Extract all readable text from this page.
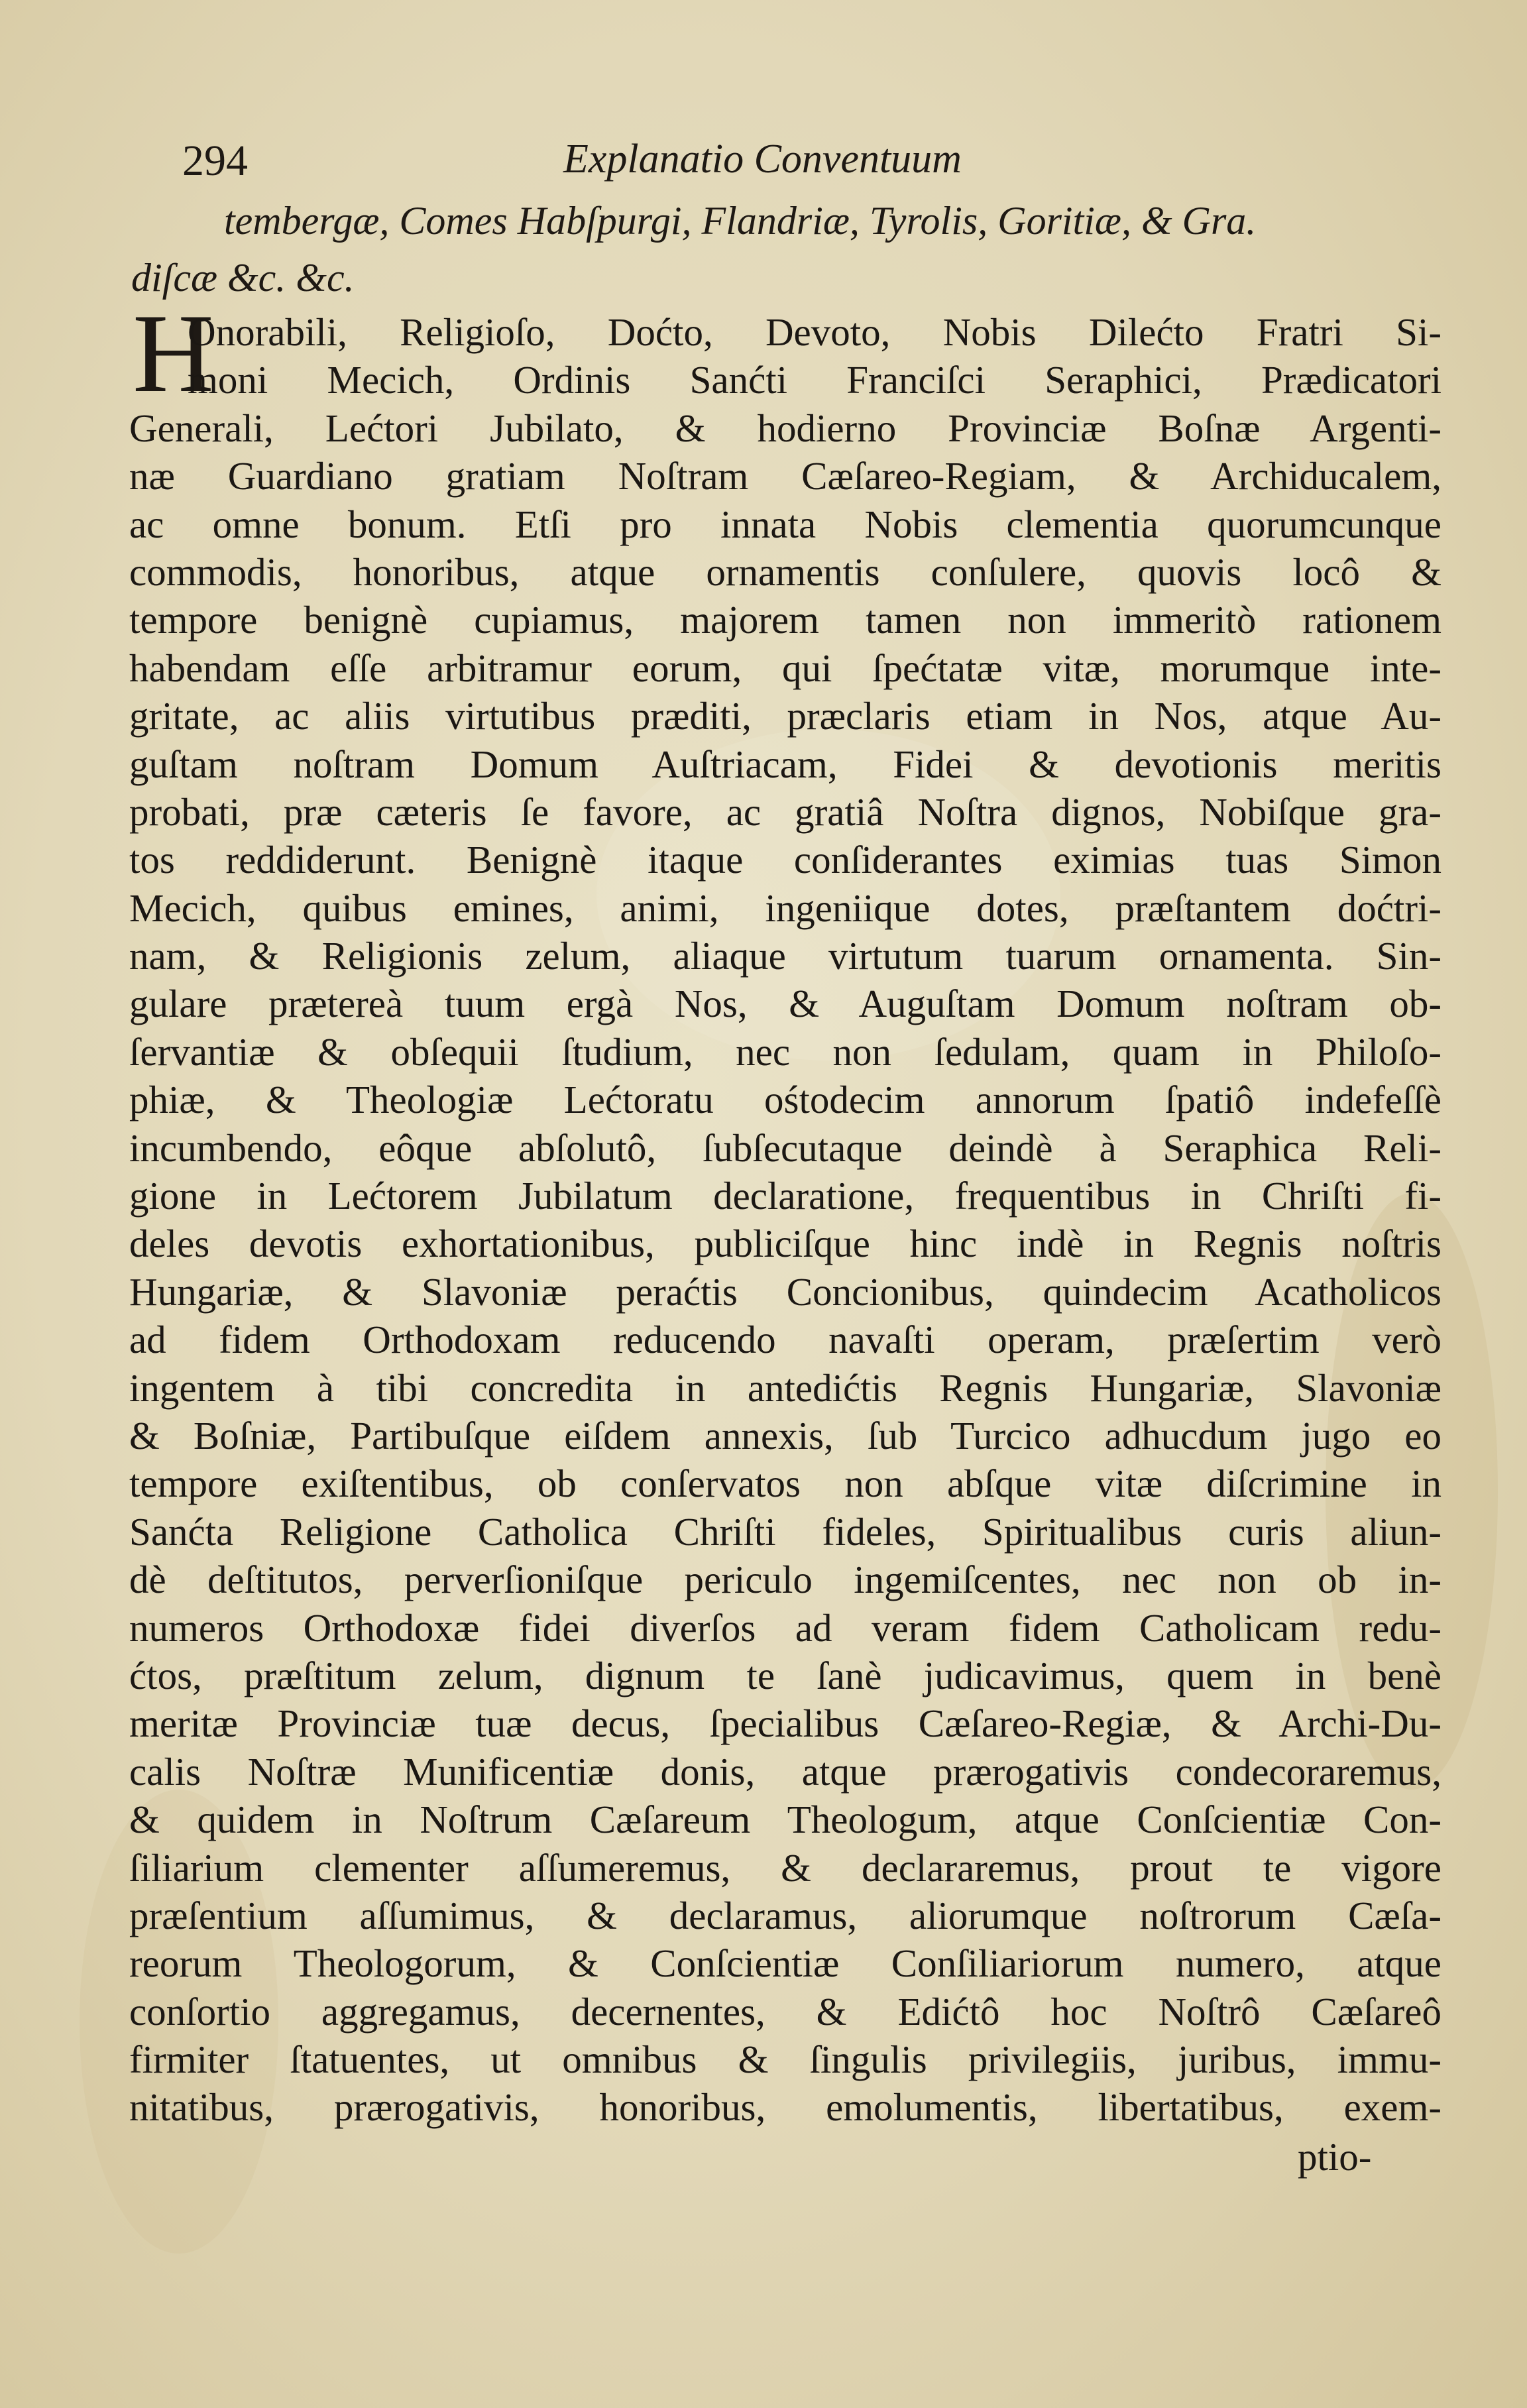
294	Explanatio Conventuum
tembergæ, Comes Habſpurgi, Flandriæ, Tyrolis, Goritiæ, & Gra.
diſcæ &c. &c.
H
Onorabili, Religioſo, Doćto, Devoto, Nobis Dilećto Fratri Si-
moni Mecich, Ordinis Sanćti Franciſci Seraphici, Prædicatori
Generali, Lećtori Jubilato, & hodierno Provinciæ Boſnæ Argenti-
næ Guardiano gratiam Noſtram Cæſareo-Regiam, & Archiducalem,
ac omne bonum. Etſi pro innata Nobis clementia quorumcunque
commodis, honoribus, atque ornamentis conſulere, quovis locô &
tempore benignè cupiamus, majorem tamen non immeritò rationem
habendam eſſe arbitramur eorum, qui ſpećtatæ vitæ, morumque inte-
gritate, ac aliis virtutibus præditi, præclaris etiam in Nos, atque Au-
guſtam noſtram Domum Auſtriacam, Fidei & devotionis meritis
probati, præ cæteris ſe favore, ac gratiâ Noſtra dignos, Nobiſque gra-
tos reddiderunt. Benignè itaque conſiderantes eximias tuas Simon
Mecich, quibus emines, animi, ingeniique dotes, præſtantem doćtri-
nam, & Religionis zelum, aliaque virtutum tuarum ornamenta. Sin-
gulare prætereà tuum ergà Nos, & Auguſtam Domum noſtram ob-
ſervantiæ & obſequii ſtudium, nec non ſedulam, quam in Philoſo-
phiæ, & Theologiæ Lećtoratu ośtodecim annorum ſpatiô indefeſſè
incumbendo, eôque abſolutô, ſubſecutaque deindè à Seraphica Reli-
gione in Lećtorem Jubilatum declaratione, frequentibus in Chriſti fi-
deles devotis exhortationibus, publiciſque hinc indè in Regnis noſtris
Hungariæ, & Slavoniæ peraćtis Concionibus, quindecim Acatholicos
ad fidem Orthodoxam reducendo navaſti operam, præſertim verò
ingentem à tibi concredita in antedićtis Regnis Hungariæ, Slavoniæ
& Boſniæ, Partibuſque eiſdem annexis, ſub Turcico adhucdum jugo eo
tempore exiſtentibus, ob conſervatos non abſque vitæ diſcrimine in
Sanćta Religione Catholica Chriſti fideles, Spiritualibus curis aliun-
dè deſtitutos, perverſioniſque periculo ingemiſcentes, nec non ob in-
numeros Orthodoxæ fidei diverſos ad veram fidem Catholicam redu-
ćtos, præſtitum zelum, dignum te ſanè judicavimus, quem in benè
meritæ Provinciæ tuæ decus, ſpecialibus Cæſareo-Regiæ, & Archi-Du-
calis Noſtræ Munificentiæ donis, atque prærogativis condecoraremus,
& quidem in Noſtrum Cæſareum Theologum, atque Conſcientiæ Con-
ſiliarium clementer aſſumeremus, & declararemus, prout te vigore
præſentium aſſumimus, & declaramus, aliorumque noſtrorum Cæſa-
reorum Theologorum, & Conſcientiæ Conſiliariorum numero, atque
conſortio aggregamus, decernentes, & Edićtô hoc Noſtrô Cæſareô
firmiter ſtatuentes, ut omnibus & ſingulis privilegiis, juribus, immu-
nitatibus, prærogativis, honoribus, emolumentis, libertatibus, exem-
ptio-
